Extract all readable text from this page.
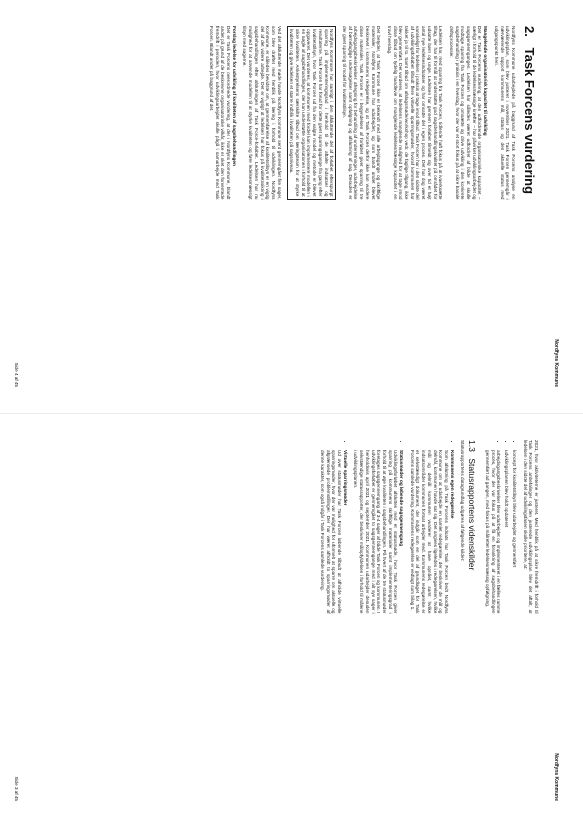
Nordfyns Kommune
2. Task Forcens vurdering

Nordfyns Kommune udarbejdede på baggrund af Task Forcens analyse en udviklingsplan, som blev justeret i november 2021. Task Forcen gennemgår i nærværende rapport kommunens mål, status og den aktuelle status med udgangspunkt heri.

Mangelende organisatorisk kapacitet til udvikling

Det er Task Forcens vurdering, at den udfordrende organisatoriske kapacitet – særligt i forhold til de ledelsesmæssige kræfter – har påvirket udviklingsarbejdet og sagsgennemgangen. Ledelsen har således været udfordret af både at skulle modtage sparring fra Task Forcen og omsætte og drive udvikling i den konkrete sagsbehandling i praksis i en hverdag, hvor der var et stort fokus på at sikre basale driftsprocesser.

Ledelsen har, med sparring fra Task Forcen, tidlende haft fokus på at ivaerksætte tiltag, der har til formål at understøtte god sagsbehandlingskvalitet på området for udsatte børn og unge. Ledelsen har gennem forløbet tilmeldt sig over tid et højt antal nye ledelsesindsatser og har omsatte del i egen proces. Det har dog været vanskeligt for ledelsen i praksis at tage imod tilbud. Task Forcen har i den sidste del af udviklingsforløbet tilbudt flere virtuelle sparringsmøder, hvoraf kommunen har takket ja til to. Samt tilbud om afslagsmøde/workshop vedr. de faglige tilgang, ikke blev gennemført. Det vurderes, at ledelsens manglende mulighed for at tage imod disse tilbud om tydelig handlevie om manglende ledelsesmæssige kapacitet i en travl hverdag.

Det betyder, at Task Forcen ikke er bekendt med alle arbejdsgange og skriftlige materialer, Nordfyns Kommune har udarbejdet, og som bandt andet blevet beskrevet i kommunens redegørelse, og at Task Forcen derfor ikke kan vurdere disse materialer. Task Forcen er i begyndelsen af forløbet givet sparring til tre arbejdsgangsbeskrivelser: afregning for behandling af underretninger, udarbejdelse af børnefaglige undersøgelser samt opfølgning og afslutning af sag. Desuden er der givet sparring til model for kvalitetstilsyn.

Nordfyns Kommune har samtigt i den afsluttende del af forløbet efterspurgt sparring på implementeringsgrad i henhold til de aftalte indsatser og resultaterne. Task Forcen har forud for dette givet sparringsgange fra gang efter kvalitetstilsyn, hvor Task Forcen ud fra den valgte model og metode er blevet opgaveret. Det vurderes, at kommunen med fordel kan implementere modellen i en nøgle af sagsbehandlingen, der kan understøtte organisationen i forhold til at sikre kvaliteten. Ankestyrelsens særskilte tilbud om læringsteam for at styrke kvaliteten og give ledelsen et større indblik i kvaliteten på sagsniveau.

Ved det afsluttende møde havde Nordfyns Kommune sent gennemgået fire sager, som blev drøftet med henblik på læring i forhold til udviklingen. Nordfyns Kommune, er således bevidste om, at gennemførelse af kvalitetstilsyn er en vigtig del af det videre arbejde. Det er vigtigt at ledelsen har fokus på kvalitetssikring i sagsbehandlingen efter afslutningen af Task Force-forløbet. Ledelsen har nu mulighed for at anvende modellen til at styrke kvaliteten og føre ledelsesmæssigt tilsyn med sagerne.

Forslag ledelse for udvikling af kvaliteten af sagsbehandlingen

Det er Task Forcens overordnede vurdering, at der i Nordfyns Kommune, blandt andet på grund af de beskrevne organisatoriske vilkår, ikke er sket den forventede fremdrift i perioden, hvor udviklingsarbejdet skulle pågå i samarbejde med Task Forcen. Blandt andet på baggrund af det.

Side 4 af 45
Nordfyns Kommune

2021, hvor aktiviteterne er justeret. Med henblik på at sikre fremdrift i forhold til Task Forcens anbefalinger og den justerede udviklingsplan blev det aftalt, at ledelsen i den sidste del af udviklingsfasen skulle prioritere, at:

• koncept for kvalitetstilsyn blev udarbejdet og gennemført
• udviklingsplanen blev holdt opdateret
• arbejdsgangsbeskrivelser blev udarbejdet og implementeret i en fælles ramme proces, hvor der var fokus på at få en forankring af sagsbehandlingen gennemført ad gangen, med fokus på målrettet ledelsesmæssig opfølgning.
1.3 Statusrapportens videnskilder

Statusrapportens datagrundlag udgøres af følgende kilder:

• Kommunens egen redegørelse
Som afslutning på Task Forcens indsats har Task Forcen bedt Nordfyns Kommune om at udarbejde en samlet redegørelse, der beskriver de mål og delmål, kommunen havde sat sig. Det angives ligeledes i redegørelsen, hvilke mål og delmål kommunen vurderer at have opnået, samt hvilke indsatsområder kommunen fortsat arbejder med. Kommunens redegørelse er et selvstændigt dokument, der indgår som en del af grundlaget for Task Forcens samlede vurdering. Kommunens redegørelse er vedlagt som bilag 1.
• Statusmøder og løbende sagsgennemgang
Udviklingsforløbet afsluttes med et statusmøde, hvor Task Forcen giver sparring på kommunens skriftlige materialer samt implementeringsgrad i forhold til at øge kvaliteten i sagsbehandlingen. På hvert af de tre statusmøder foretages sagsgennemgang af 3-4 sager af både Task Forcen og kommunen. I udviklingsforløbet er gennemgået to sagsgennemgange med i alt syv sager i henholdsvis april 2021 og september 2021. Kommunen udarbejder desuden selvstændige statusrapporter, der beskriver målopfyldelsen i forhold til målene i udviklingsplanen.
• Virtuelle sparringsmøder
Ud over statusmøder har Task Forcen løbende tilbudt at afholde virtuelle sparringsmøder, hvor der var mulighed for uformelt at sparre om aktuelle og afgrænsede problemstillinger. Der har været afholdt to sparringsmøder af denne karakter, som også indgår i Task Forcens samlede vurdering.
Side 3 af 45
